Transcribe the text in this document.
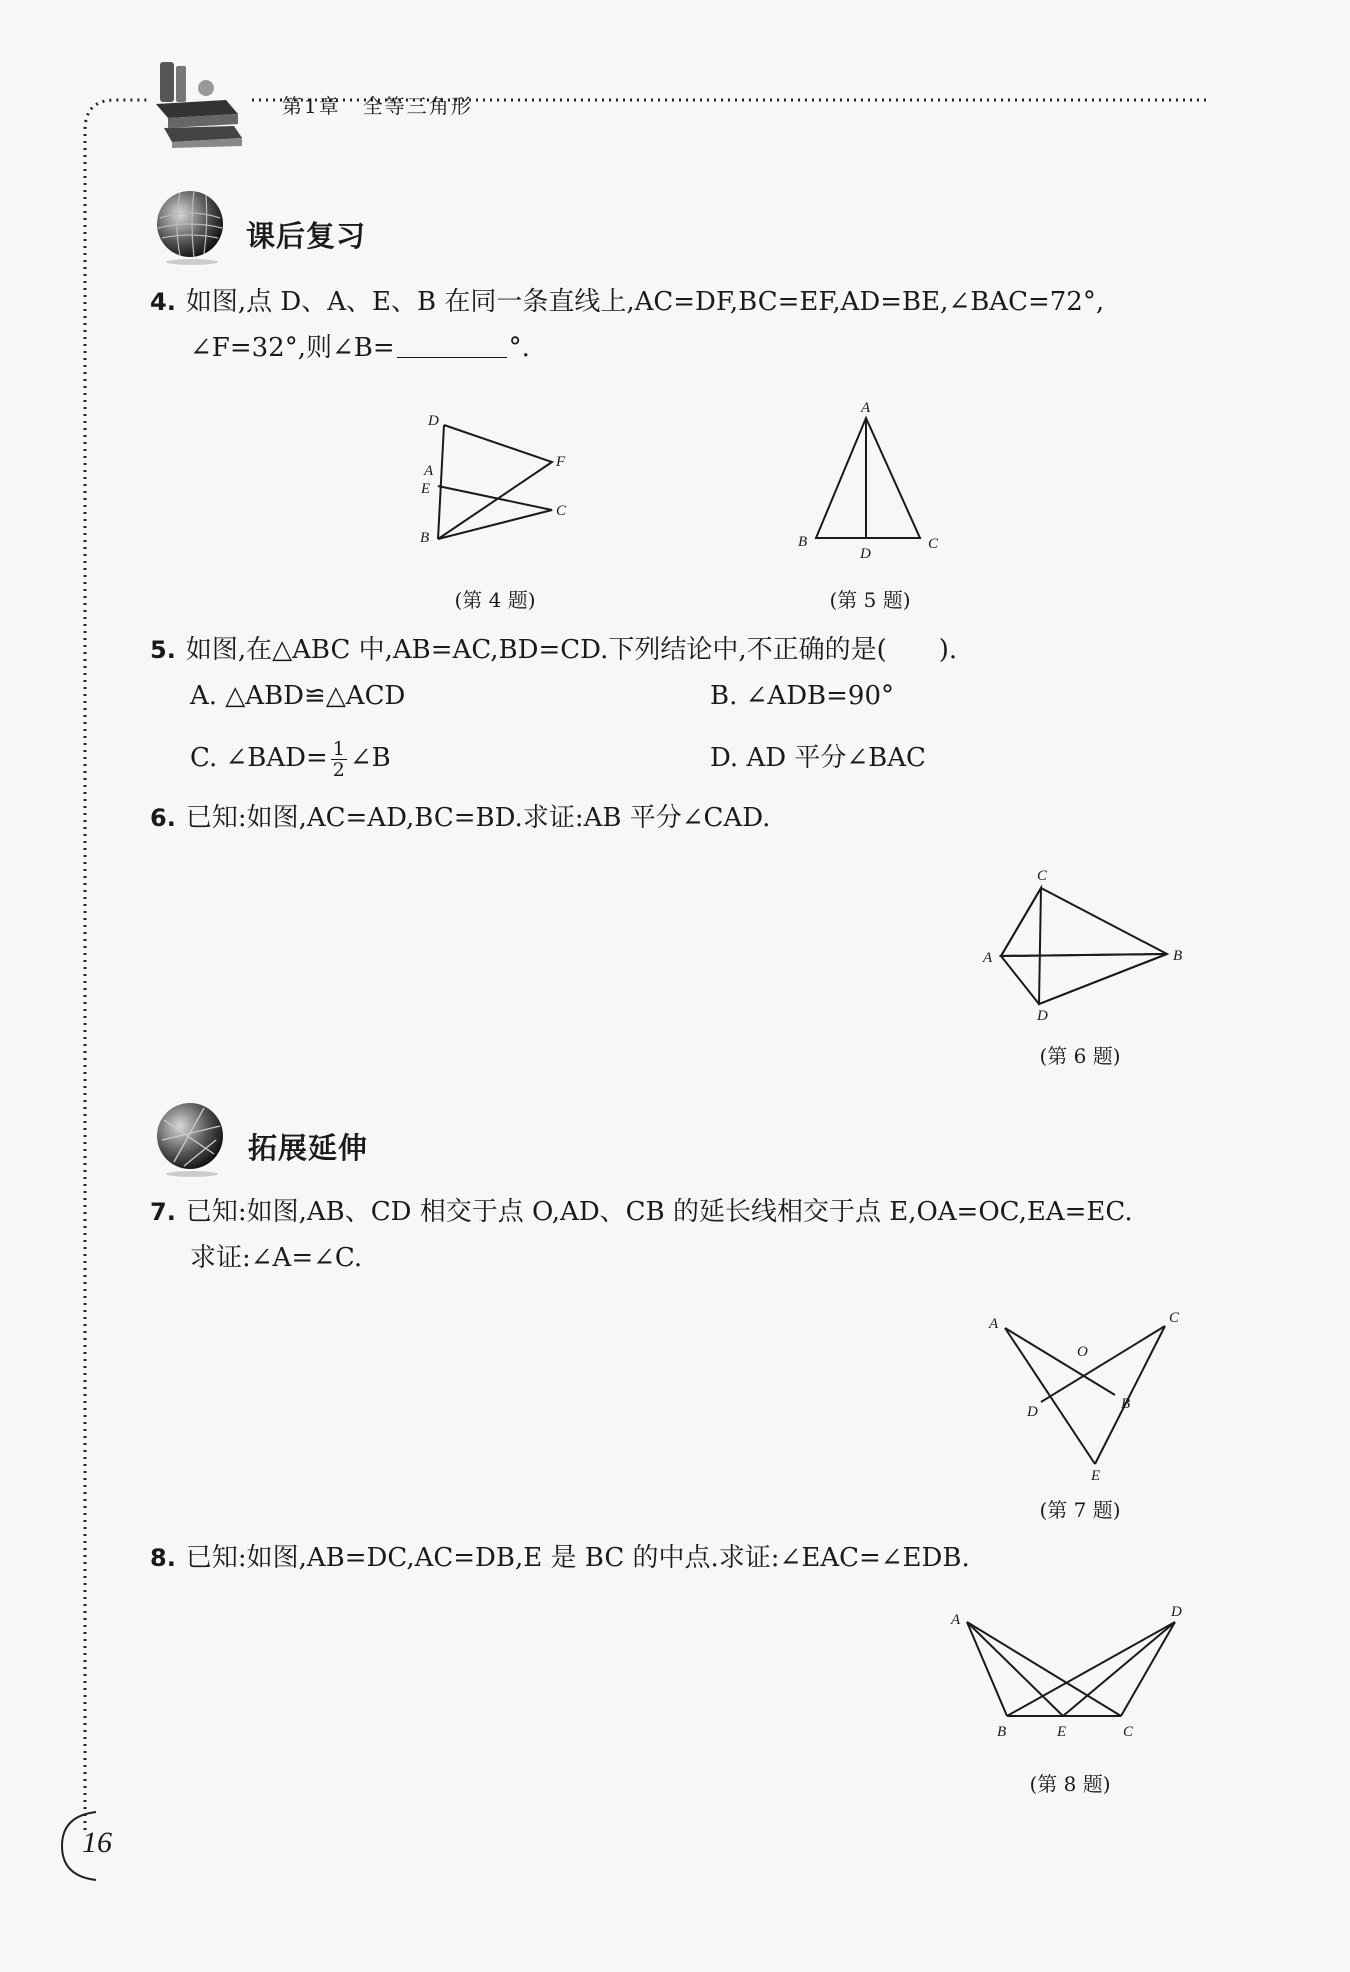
第1章　全等三角形
课后复习
4. 如图,点 D、A、E、B 在同一条直线上,AC=DF,BC=EF,AD=BE,∠BAC=72°,
∠F=32°,则∠B=	°.
D
A
E
B
F
C
(第 4 题)
A
B
D
C
(第 5 题)
5. 如图,在△ABC 中,AB=AC,BD=CD.下列结论中,不正确的是(　　).
A. △ABD≌△ACD	B. ∠ADB=90°
C. ∠BAD= $\frac{1}{2}$ ∠B	D. AD 平分∠BAC
6. 已知:如图,AC=AD,BC=BD.求证:AB 平分∠CAD.
C
A	B
D
(第 6 题)
拓展延伸
7. 已知:如图,AB、CD 相交于点 O,AD、CB 的延长线相交于点 E,OA=OC,EA=EC.
求证:∠A=∠C.
A	C
O
D	B
E
(第 7 题)
8. 已知:如图,AB=DC,AC=DB,E 是 BC 的中点.求证:∠EAC=∠EDB.
A	D
B	E	C
(第 8 题)
16
